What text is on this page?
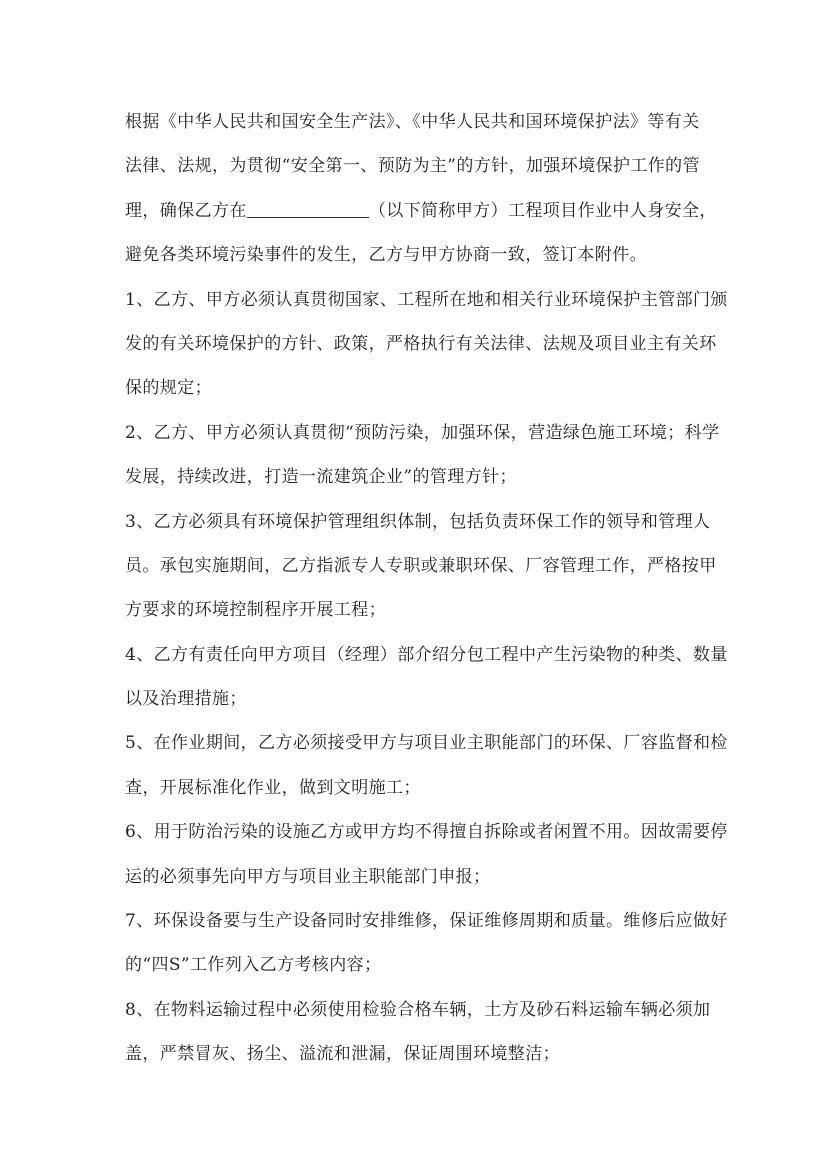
根据《中华人民共和国安全生产法》、《中华人民共和国环境保护法》等有关
法律、法规，为贯彻“安全第一、预防为主”的方针，加强环境保护工作的管
理，确保乙方在	（以下简称甲方）工程项目作业中人身安全，
避免各类环境污染事件的发生，乙方与甲方协商一致，签订本附件。
1、乙方、甲方必须认真贯彻国家、工程所在地和相关行业环境保护主管部门颁
发的有关环境保护的方针、政策，严格执行有关法律、法规及项目业主有关环
保的规定；
2、乙方、甲方必须认真贯彻“预防污染，加强环保，营造绿色施工环境；科学
发展，持续改进，打造一流建筑企业”的管理方针；
3、乙方必须具有环境保护管理组织体制，包括负责环保工作的领导和管理人
员。承包实施期间，乙方指派专人专职或兼职环保、厂容管理工作，严格按甲
方要求的环境控制程序开展工程；
4、乙方有责任向甲方项目（经理）部介绍分包工程中产生污染物的种类、数量
以及治理措施；
5、在作业期间，乙方必须接受甲方与项目业主职能部门的环保、厂容监督和检
查，开展标准化作业，做到文明施工；
6、用于防治污染的设施乙方或甲方均不得擅自拆除或者闲置不用。因故需要停
运的必须事先向甲方与项目业主职能部门申报；
7、环保设备要与生产设备同时安排维修，保证维修周期和质量。维修后应做好
的“四S”工作列入乙方考核内容；
8、在物料运输过程中必须使用检验合格车辆，土方及砂石料运输车辆必须加
盖，严禁冒灰、扬尘、溢流和泄漏，保证周围环境整洁；
